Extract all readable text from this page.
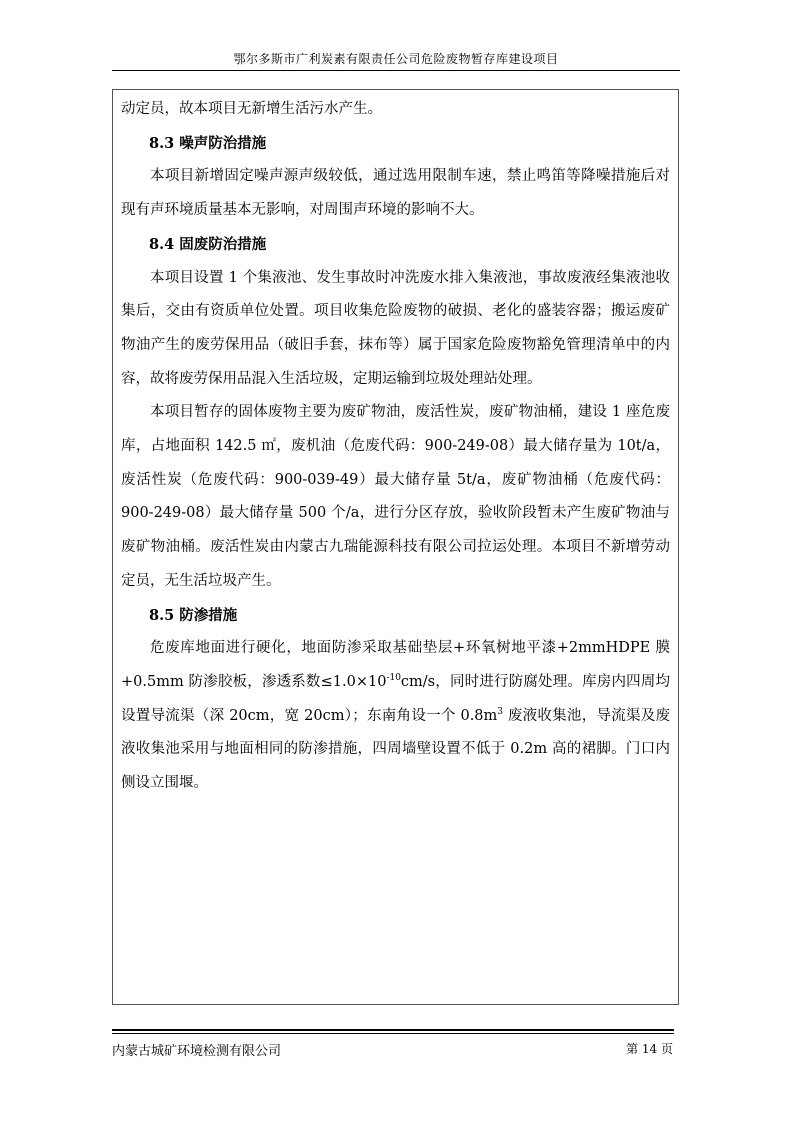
鄂尔多斯市广利炭素有限责任公司危险废物暂存库建设项目

动定员，故本项目无新增生活污水产生。

8.3 噪声防治措施

本项目新增固定噪声源声级较低，通过选用限制车速，禁止鸣笛等降噪措施后对现有声环境质量基本无影响，对周围声环境的影响不大。

8.4 固废防治措施

本项目设置 1 个集液池、发生事故时冲洗废水排入集液池，事故废液经集液池收集后，交由有资质单位处置。项目收集危险废物的破损、老化的盛装容器；搬运废矿物油产生的废劳保用品（破旧手套，抹布等）属于国家危险废物豁免管理清单中的内容，故将废劳保用品混入生活垃圾，定期运输到垃圾处理站处理。

本项目暂存的固体废物主要为废矿物油，废活性炭，废矿物油桶，建设 1 座危废库，占地面积 142.5 ㎡，废机油（危废代码：900-249-08）最大储存量为 10t/a，废活性炭（危废代码：900-039-49）最大储存量 5t/a，废矿物油桶（危废代码：900-249-08）最大储存量 500 个/a，进行分区存放，验收阶段暂未产生废矿物油与废矿物油桶。废活性炭由内蒙古九瑞能源科技有限公司拉运处理。本项目不新增劳动定员，无生活垃圾产生。

8.5 防渗措施

危废库地面进行硬化，地面防渗采取基础垫层+环氧树地平漆+2mmHDPE 膜+0.5mm 防渗胶板，渗透系数$\le 1.0\times 10^{-10}cm/s$，同时进行防腐处理。库房内四周均设置导流渠（深 20cm，宽 20cm）；东南角设一个 $0.8m^3$ 废液收集池，导流渠及废液收集池采用与地面相同的防渗措施，四周墙壁设置不低于 0.2m 高的裙脚。门口内侧设立围堰。

内蒙古城矿环境检测有限公司	第 14 页
